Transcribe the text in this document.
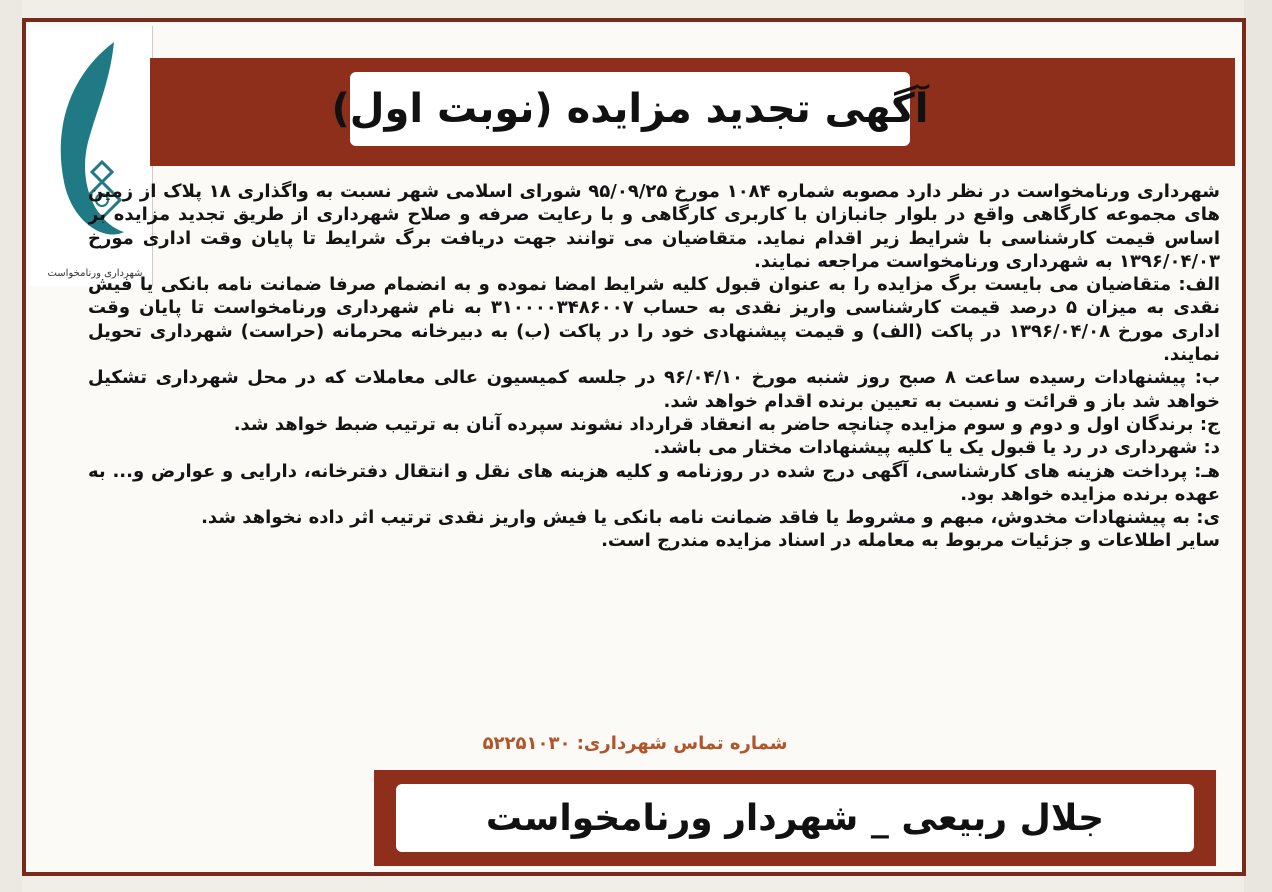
شهرداری ورنامخواست
آگهی تجدید مزایده (نوبت اول)

شهرداری ورنامخواست در نظر دارد مصوبه شماره ۱۰۸۴ مورخ ۹۵/۰۹/۲۵ شورای اسلامی شهر نسبت به واگذاری ۱۸ پلاک از زمین های مجموعه کارگاهی واقع در بلوار جانبازان با کاربری کارگاهی و با رعایت صرفه و صلاح شهرداری از طریق تجدید مزایده بر اساس قیمت کارشناسی با شرایط زیر اقدام نماید. متقاضیان می توانند جهت دریافت برگ شرایط تا پایان وقت اداری مورخ ۱۳۹۶/۰۴/۰۳ به شهرداری ورنامخواست مراجعه نمایند.

الف: متقاضیان می بایست برگ مزایده را به عنوان قبول کلیه شرایط امضا نموده و به انضمام صرفا ضمانت نامه بانکی یا فیش نقدی به میزان ۵ درصد قیمت کارشناسی واریز نقدی به حساب ۳۱۰۰۰۰۳۴۸۶۰۰۷ به نام شهرداری ورنامخواست تا پایان وقت اداری مورخ ۱۳۹۶/۰۴/۰۸ در پاکت (الف) و قیمت پیشنهادی خود را در پاکت (ب) به دبیرخانه محرمانه (حراست) شهرداری تحویل نمایند.

ب: پیشنهادات رسیده ساعت ۸ صبح روز شنبه مورخ ۹۶/۰۴/۱۰ در جلسه کمیسیون عالی معاملات که در محل شهرداری تشکیل خواهد شد باز و قرائت و نسبت به تعیین برنده اقدام خواهد شد.

ج: برندگان اول و دوم و سوم مزایده چنانچه حاضر به انعقاد قرارداد نشوند سپرده آنان به ترتیب ضبط خواهد شد.

د: شهرداری در رد یا قبول یک یا کلیه پیشنهادات مختار می باشد.

هـ: پرداخت هزینه های کارشناسی، آگهی درج شده در روزنامه و کلیه هزینه های نقل و انتقال دفترخانه، دارایی و عوارض و... به عهده برنده مزایده خواهد بود.

ی: به پیشنهادات مخدوش، مبهم و مشروط یا فاقد ضمانت نامه بانکی یا فیش واریز نقدی ترتیب اثر داده نخواهد شد.

سایر اطلاعات و جزئیات مربوط به معامله در اسناد مزایده مندرج است.

شماره تماس شهرداری: ۵۲۲۵۱۰۳۰
جلال ربیعی _ شهردار ورنامخواست
